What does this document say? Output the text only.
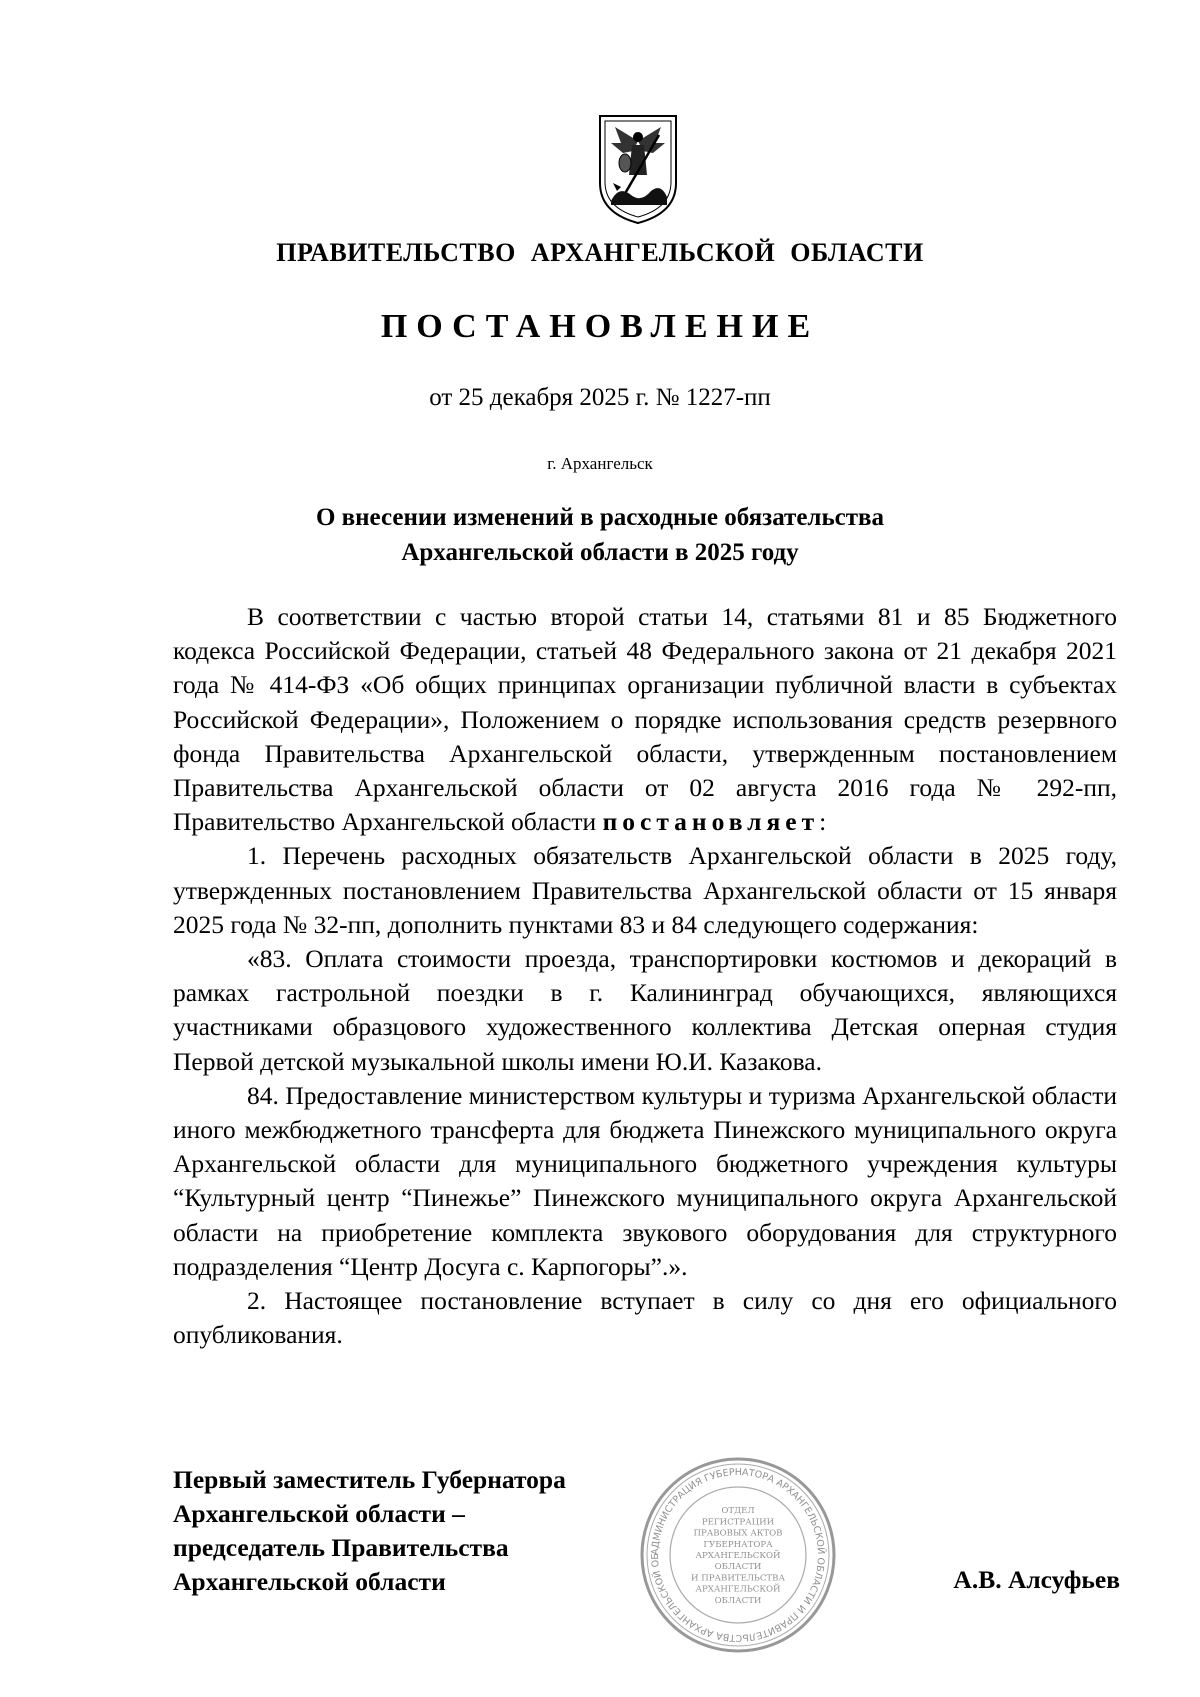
ПРАВИТЕЛЬСТВО АРХАНГЕЛЬСКОЙ ОБЛАСТИ
ПОСТАНОВЛЕНИЕ
от 25 декабря 2025 г. № 1227-пп
г. Архангельск
О внесении изменений в расходные обязательства
Архангельской области в 2025 году

В соответствии с частью второй статьи 14, статьями 81 и 85 Бюджетного кодекса Российской Федерации, статьей 48 Федерального закона от 21 декабря 2021 года № 414-ФЗ «Об общих принципах организации публичной власти в субъектах Российской Федерации», Положением о порядке использования средств резервного фонда Правительства Архангельской области, утвержденным постановлением Правительства Архангельской области от 02 августа 2016 года № 292-пп, Правительство Архангельской области постановляет:

1. Перечень расходных обязательств Архангельской области в 2025 году, утвержденных постановлением Правительства Архангельской области от 15 января 2025 года № 32-пп, дополнить пунктами 83 и 84 следующего содержания:

«83. Оплата стоимости проезда, транспортировки костюмов и декораций в рамках гастрольной поездки в г. Калининград обучающихся, являющихся участниками образцового художественного коллектива Детская оперная студия Первой детской музыкальной школы имени Ю.И. Казакова.

84. Предоставление министерством культуры и туризма Архангельской области иного межбюджетного трансферта для бюджета Пинежского муниципального округа Архангельской области для муниципального бюджетного учреждения культуры “Культурный центр “Пинежье” Пинежского муниципального округа Архангельской области на приобретение комплекта звукового оборудования для структурного подразделения “Центр Досуга с. Карпогоры”.».

2. Настоящее постановление вступает в силу со дня его официального опубликования.

Первый заместитель Губернатора
Архангельской области –
председатель Правительства
Архангельской области
АДМИНИСТРАЦИЯ ГУБЕРНАТОРА АРХАНГЕЛЬСКОЙ ОБЛАСТИ И ПРАВИТЕЛЬСТВА АРХАНГЕЛЬСКОЙ ОБ
ОТДЕЛ
РЕГИСТРАЦИИ
ПРАВОВЫХ АКТОВ
ГУБЕРНАТОРА
АРХАНГЕЛЬСКОЙ
ОБЛАСТИ
И ПРАВИТЕЛЬСТВА
АРХАНГЕЛЬСКОЙ
ОБЛАСТИ
А.В. Алсуфьев
